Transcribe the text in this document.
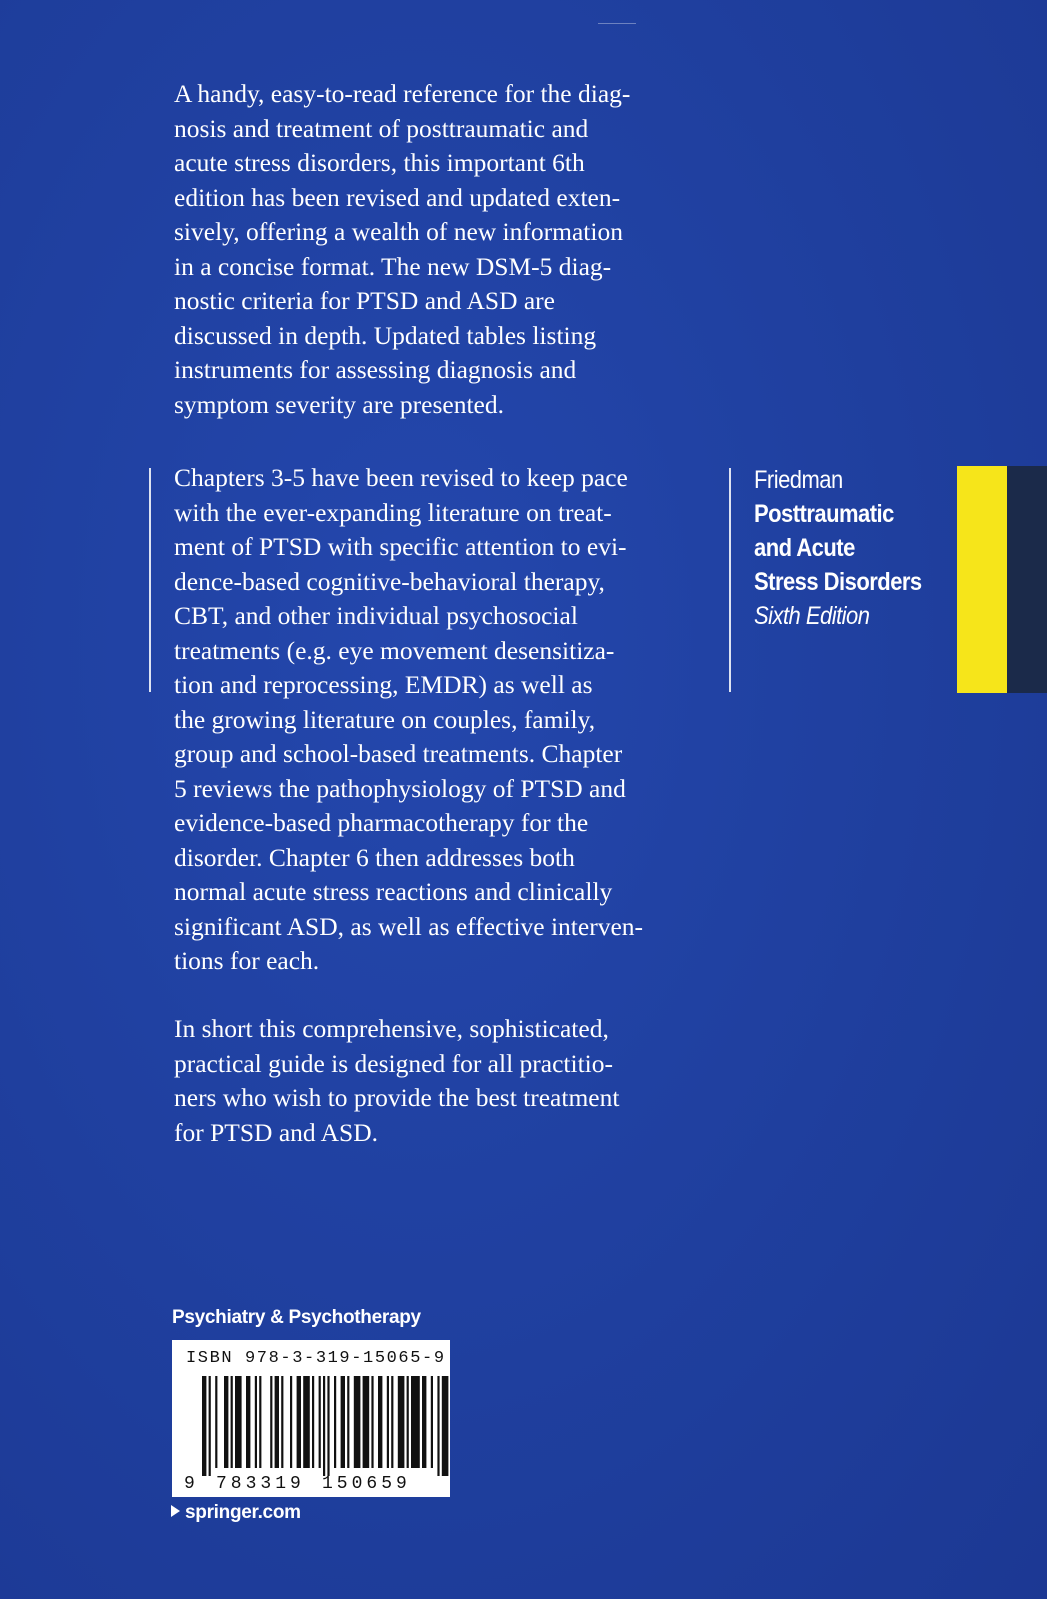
A handy, easy-to-read reference for the diag-
nosis and treatment of posttraumatic and
acute stress disorders, this important 6th
edition has been revised and updated exten-
sively, offering a wealth of new information
in a concise format. The new DSM-5 diag-
nostic criteria for PTSD and ASD are
discussed in depth. Updated tables listing
instruments for assessing diagnosis and
symptom severity are presented.

Chapters 3-5 have been revised to keep pace
with the ever-expanding literature on treat-
ment of PTSD with specific attention to evi-
dence-based cognitive-behavioral therapy,
CBT, and other individual psychosocial
treatments (e.g. eye movement desensitiza-
tion and reprocessing, EMDR) as well as
the growing literature on couples, family,
group and school-based treatments. Chapter
5 reviews the pathophysiology of PTSD and
evidence-based pharmacotherapy for the
disorder. Chapter 6 then addresses both
normal acute stress reactions and clinically
significant ASD, as well as effective interven-
tions for each.

Friedman

Posttraumatic
and Acute
Stress Disorders
Sixth Edition

In short this comprehensive, sophisticated,
practical guide is designed for all practitio-
ners who wish to provide the best treatment
for PTSD and ASD.

Psychiatry & Psychotherapy
9 783319 150659
ISBN 978-3-319-15065-9
springer.com
